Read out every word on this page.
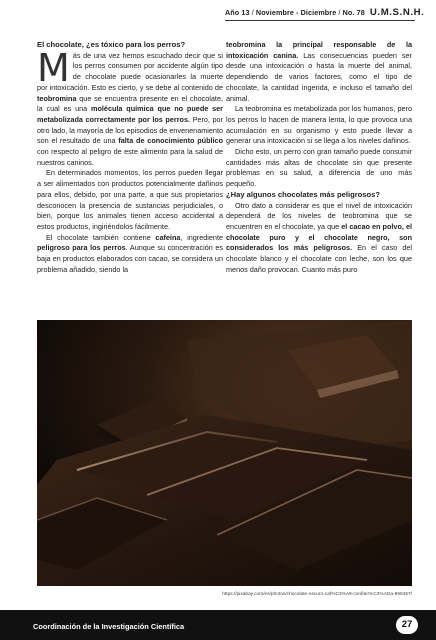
Año 13 / Noviembre - Diciembre / No. 78 U.M.S.N.H.

El chocolate, ¿es tóxico para los perros?

Más de una vez hemos escuchado decir que si los perros consumen por accidente algún tipo de chocolate puede ocasionarles la muerte por intoxicación. Esto es cierto, y se debe al contenido de teobromina que se encuentra presente en el chocolate, la cual es una molécula química que no puede ser metabolizada correctamente por los perros. Pero, por otro lado, la mayoría de los episodios de envenenamiento son el resultado de una falta de conocimiento público con respecto al peligro de este alimento para la salud de nuestros caninos.

En determinados momentos, los perros pueden llegar a ser alimentados con productos potencialmente dañinos para ellos, debido, por una parte, a que sus propietarios desconocen la presencia de sustancias perjudiciales, o bien, porque los animales tienen acceso accidental a estos productos, ingiriéndolos fácilmente.

El chocolate también contiene cafeína, ingrediente peligroso para los perros. Aunque su concentración es baja en productos elaborados con cacao, se considera un problema añadido, siendo la

teobromina la principal responsable de la intoxicación canina. Las consecuencias pueden ser desde una intoxicación o hasta la muerte del animal, dependiendo de varios factores, como el tipo de chocolate, la cantidad ingerida, e incluso el tamaño del animal.

La teobromina es metabolizada por los humanos, pero los perros lo hacen de manera lenta, lo que provoca una acumulación en su organismo y esto puede llevar a generar una intoxicación si se llega a los niveles dañinos.

Dicho esto, un perro con gran tamaño puede consumir cantidades más altas de chocolate sin que presente problemas en su salud, a diferencia de uno más pequeño.

¿Hay algunos chocolates más peligrosos?

Otro dato a considerar es que el nivel de intoxicación dependerá de los niveles de teobromina que se encuentren en el chocolate, ya que el cacao en polvo, el chocolate puro y el chocolate negro, son considerados los más peligrosos. En el caso del chocolate blanco y el chocolate con leche, son los que menos daño provocan. Cuanto más puro

https://pixabay.com/es/photos/chocolate-oscuro-caf%C3%A9-confiter%C3%ADa-968457/
Coordinación de la Investigación Científica	27
